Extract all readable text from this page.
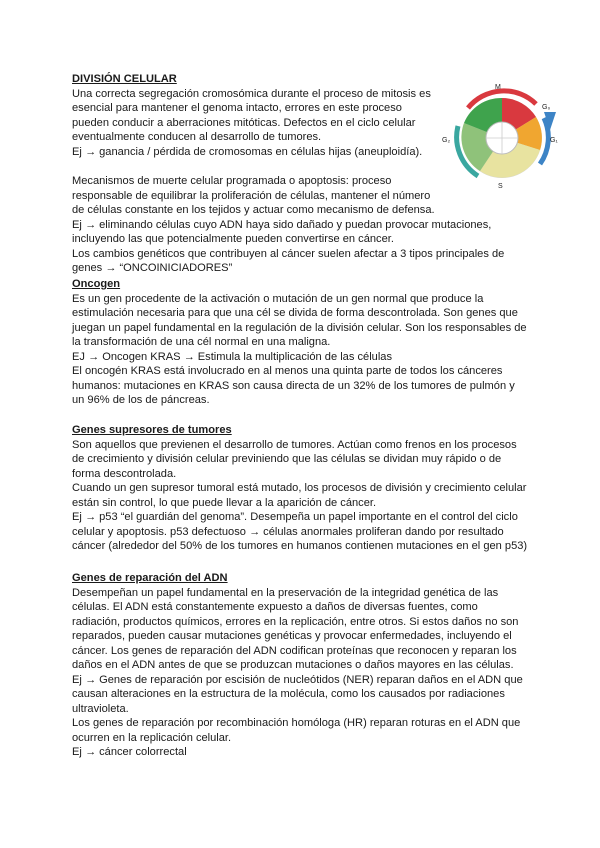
DIVISIÓN CELULAR
Una correcta segregación cromosómica durante el proceso de mitosis es
esencial para mantener el genoma intacto, errores en este proceso
pueden conducir a aberraciones mitóticas. Defectos en el ciclo celular
eventualmente conducen al desarrollo de tumores.
Ej → ganancia / pérdida de cromosomas en células hijas (aneuploidía).
M
G₀
G₁
G₂
S
Mecanismos de muerte celular programada o apoptosis: proceso
responsable de equilibrar la proliferación de células, mantener el número
de células constante en los tejidos y actuar como mecanismo de defensa.
Ej → eliminando células cuyo ADN haya sido dañado y puedan provocar mutaciones,
incluyendo las que potencialmente pueden convertirse en cáncer.
Los cambios genéticos que contribuyen al cáncer suelen afectar a 3 tipos principales de
genes → “ONCOINICIADORES”
Oncogen
Es un gen procedente de la activación o mutación de un gen normal que produce la
estimulación necesaria para que una cél se divida de forma descontrolada. Son genes que
juegan un papel fundamental en la regulación de la división celular. Son los responsables de
la transformación de una cél normal en una maligna.
EJ → Oncogen KRAS → Estimula la multiplicación de las células
El oncogén KRAS está involucrado en al menos una quinta parte de todos los cánceres
humanos: mutaciones en KRAS son causa directa de un 32% de los tumores de pulmón y
un 96% de los de páncreas.
Genes supresores de tumores
Son aquellos que previenen el desarrollo de tumores. Actúan como frenos en los procesos
de crecimiento y división celular previniendo que las células se dividan muy rápido o de
forma descontrolada.
Cuando un gen supresor tumoral está mutado, los procesos de división y crecimiento celular
están sin control, lo que puede llevar a la aparición de cáncer.
Ej → p53 “el guardián del genoma”. Desempeña un papel importante en el control del ciclo
celular y apoptosis. p53 defectuoso → células anormales proliferan dando por resultado
cáncer (alrededor del 50% de los tumores en humanos contienen mutaciones en el gen p53)
Genes de reparación del ADN
Desempeñan un papel fundamental en la preservación de la integridad genética de las
células. El ADN está constantemente expuesto a daños de diversas fuentes, como
radiación, productos químicos, errores en la replicación, entre otros. Si estos daños no son
reparados, pueden causar mutaciones genéticas y provocar enfermedades, incluyendo el
cáncer. Los genes de reparación del ADN codifican proteínas que reconocen y reparan los
daños en el ADN antes de que se produzcan mutaciones o daños mayores en las células.
Ej → Genes de reparación por escisión de nucleótidos (NER) reparan daños en el ADN que
causan alteraciones en la estructura de la molécula, como los causados por radiaciones
ultravioleta.
Los genes de reparación por recombinación homóloga (HR) reparan roturas en el ADN que
ocurren en la replicación celular.
Ej → cáncer colorrectal
